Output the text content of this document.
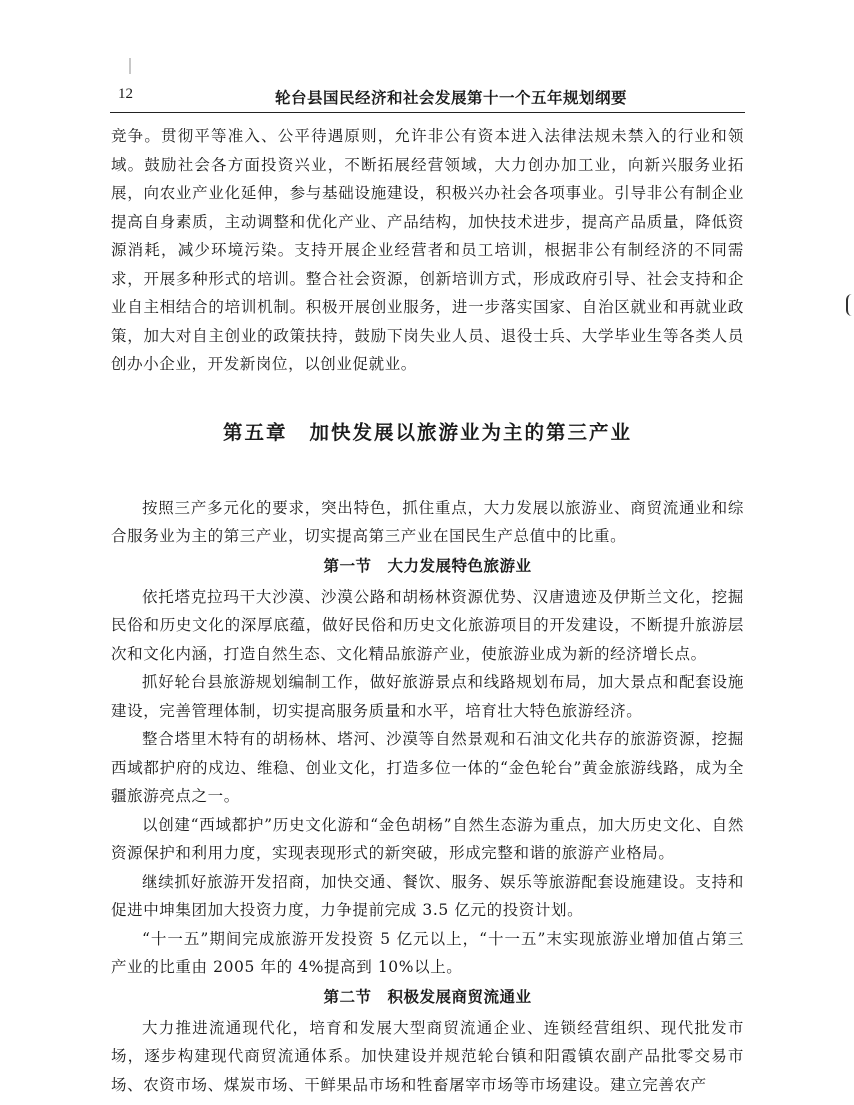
12	轮台县国民经济和社会发展第十一个五年规划纲要

竞争。贯彻平等准入、公平待遇原则，允许非公有资本进入法律法规未禁入的行业和领域。鼓励社会各方面投资兴业，不断拓展经营领域，大力创办加工业，向新兴服务业拓展，向农业产业化延伸，参与基础设施建设，积极兴办社会各项事业。引导非公有制企业提高自身素质，主动调整和优化产业、产品结构，加快技术进步，提高产品质量，降低资源消耗，减少环境污染。支持开展企业经营者和员工培训，根据非公有制经济的不同需求，开展多种形式的培训。整合社会资源，创新培训方式，形成政府引导、社会支持和企业自主相结合的培训机制。积极开展创业服务，进一步落实国家、自治区就业和再就业政策，加大对自主创业的政策扶持，鼓励下岗失业人员、退役士兵、大学毕业生等各类人员创办小企业，开发新岗位，以创业促就业。

第五章 加快发展以旅游业为主的第三产业

按照三产多元化的要求，突出特色，抓住重点，大力发展以旅游业、商贸流通业和综合服务业为主的第三产业，切实提高第三产业在国民生产总值中的比重。

第一节 大力发展特色旅游业

依托塔克拉玛干大沙漠、沙漠公路和胡杨林资源优势、汉唐遗迹及伊斯兰文化，挖掘民俗和历史文化的深厚底蕴，做好民俗和历史文化旅游项目的开发建设，不断提升旅游层次和文化内涵，打造自然生态、文化精品旅游产业，使旅游业成为新的经济增长点。

抓好轮台县旅游规划编制工作，做好旅游景点和线路规划布局，加大景点和配套设施建设，完善管理体制，切实提高服务质量和水平，培育壮大特色旅游经济。

整合塔里木特有的胡杨林、塔河、沙漠等自然景观和石油文化共存的旅游资源，挖掘西域都护府的戍边、维稳、创业文化，打造多位一体的“金色轮台”黄金旅游线路，成为全疆旅游亮点之一。

以创建“西域都护”历史文化游和“金色胡杨”自然生态游为重点，加大历史文化、自然资源保护和利用力度，实现表现形式的新突破，形成完整和谐的旅游产业格局。

继续抓好旅游开发招商，加快交通、餐饮、服务、娱乐等旅游配套设施建设。支持和促进中坤集团加大投资力度，力争提前完成 3.5 亿元的投资计划。

“十一五”期间完成旅游开发投资 5 亿元以上，“十一五”末实现旅游业增加值占第三产业的比重由 2005 年的 4%提高到 10%以上。

第二节 积极发展商贸流通业

大力推进流通现代化，培育和发展大型商贸流通企业、连锁经营组织、现代批发市场，逐步构建现代商贸流通体系。加快建设并规范轮台镇和阳霞镇农副产品批零交易市场、农资市场、煤炭市场、干鲜果品市场和牲畜屠宰市场等市场建设。建立完善农产
